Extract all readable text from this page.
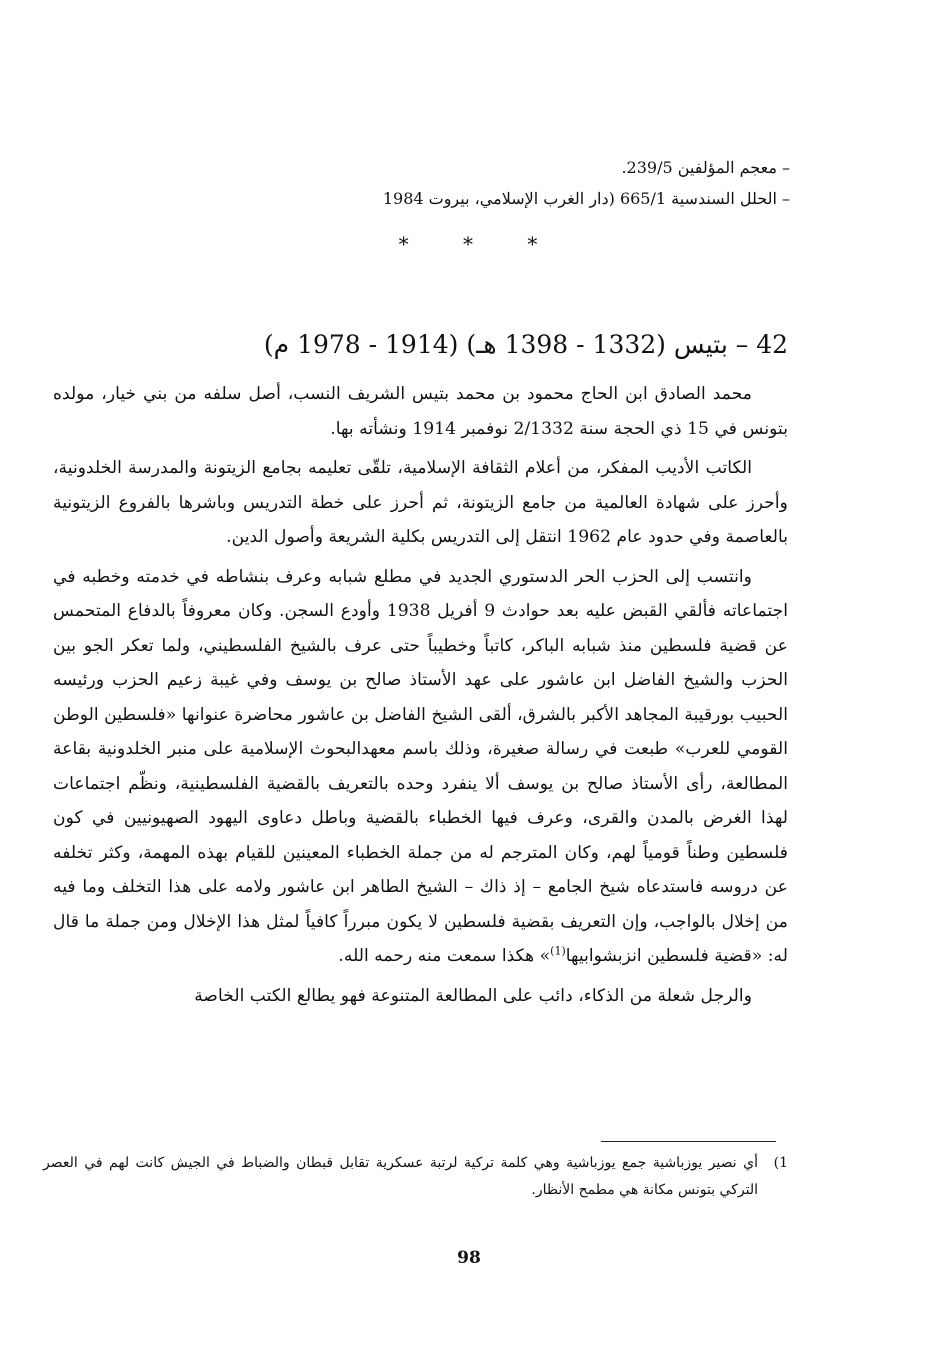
– معجم المؤلفين 239/5.
– الحلل السندسية 665/1 (دار الغرب الإسلامي، بيروت 1984
* * *
42 – بتيس (1332 - 1398 هـ) (1914 - 1978 م)

محمد الصادق ابن الحاج محمود بن محمد بتيس الشريف النسب، أصل سلفه من بني خيار، مولده بتونس في 15 ذي الحجة سنة 2/1332 نوفمبر 1914 ونشأته بها.

الكاتب الأديب المفكر، من أعلام الثقافة الإسلامية، تلقّى تعليمه بجامع الزيتونة والمدرسة الخلدونية، وأحرز على شهادة العالمية من جامع الزيتونة، ثم أحرز على خطة التدريس وباشرها بالفروع الزيتونية بالعاصمة وفي حدود عام 1962 انتقل إلى التدريس بكلية الشريعة وأصول الدين.

وانتسب إلى الحزب الحر الدستوري الجديد في مطلع شبابه وعرف بنشاطه في خدمته وخطبه في اجتماعاته فألقي القبض عليه بعد حوادث 9 أفريل 1938 وأودع السجن. وكان معروفاً بالدفاع المتحمس عن قضية فلسطين منذ شبابه الباكر، كاتباً وخطيباً حتى عرف بالشيخ الفلسطيني، ولما تعكر الجو بين الحزب والشيخ الفاضل ابن عاشور على عهد الأستاذ صالح بن يوسف وفي غيبة زعيم الحزب ورئيسه الحبيب بورقيبة المجاهد الأكبر بالشرق، ألقى الشيخ الفاضل بن عاشور محاضرة عنوانها «فلسطين الوطن القومي للعرب» طبعت في رسالة صغيرة، وذلك باسم معهدالبحوث الإسلامية على منبر الخلدونية بقاعة المطالعة، رأى الأستاذ صالح بن يوسف ألا ينفرد وحده بالتعريف بالقضية الفلسطينية، ونظّم اجتماعات لهذا الغرض بالمدن والقرى، وعرف فيها الخطباء بالقضية وباطل دعاوى اليهود الصهيونيين في كون فلسطين وطناً قومياً لهم، وكان المترجم له من جملة الخطباء المعينين للقيام بهذه المهمة، وكثر تخلفه عن دروسه فاستدعاه شيخ الجامع – إذ ذاك – الشيخ الطاهر ابن عاشور ولامه على هذا التخلف وما فيه من إخلال بالواجب، وإن التعريف بقضية فلسطين لا يكون مبرراً كافياً لمثل هذا الإخلال ومن جملة ما قال له: «قضية فلسطين انزبشوابيها$^{(1)}$» هكذا سمعت منه رحمه الله.

والرجل شعلة من الذكاء، دائب على المطالعة المتنوعة فهو يطالع الكتب الخاصة

1)
أي نصير يوزباشية جمع يوزباشية وهي كلمة تركية لرتبة عسكرية تقابل قبطان والضباط في الجيش كانت لهم في العصر التركي بتونس مكانة هي مطمح الأنظار.
98
